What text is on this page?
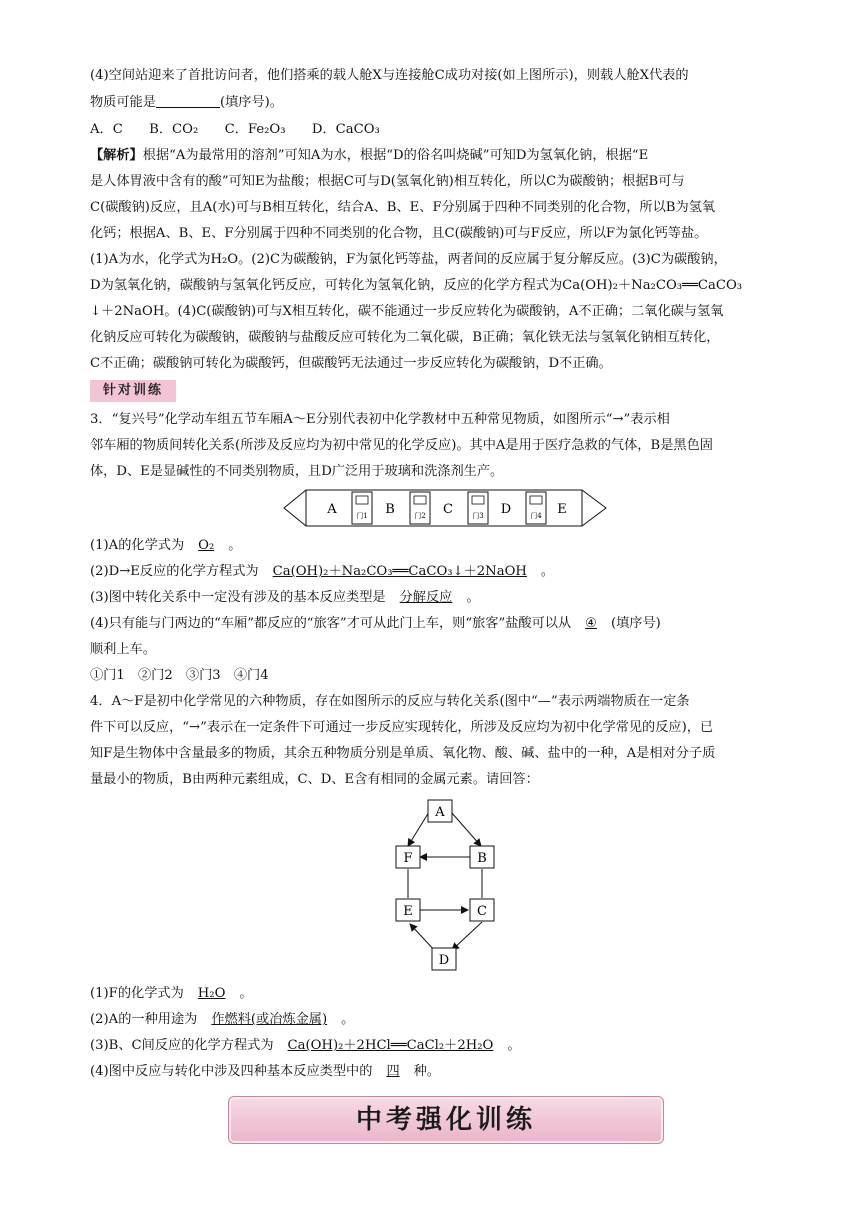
(4)空间站迎来了首批访问者，他们搭乘的载人舱X与连接舱C成功对接(如上图所示)，则载人舱X代表的
物质可能是	(填序号)。
A．C　　B．CO₂　　C．Fe₂O₃　　D．CaCO₃
【解析】根据“A为最常用的溶剂”可知A为水，根据“D的俗名叫烧碱”可知D为氢氧化钠，根据“E
是人体胃液中含有的酸”可知E为盐酸；根据C可与D(氢氧化钠)相互转化，所以C为碳酸钠；根据B可与
C(碳酸钠)反应，且A(水)可与B相互转化，结合A、B、E、F分别属于四种不同类别的化合物，所以B为氢氧
化钙；根据A、B、E、F分别属于四种不同类别的化合物，且C(碳酸钠)可与F反应，所以F为氯化钙等盐。
(1)A为水，化学式为H₂O。(2)C为碳酸钠，F为氯化钙等盐，两者间的反应属于复分解反应。(3)C为碳酸钠，
D为氢氧化钠，碳酸钠与氢氧化钙反应，可转化为氢氧化钠，反应的化学方程式为Ca(OH)₂＋Na₂CO₃══CaCO₃
↓＋2NaOH。(4)C(碳酸钠)可与X相互转化，碳不能通过一步反应转化为碳酸钠，A不正确；二氧化碳与氢氧
化钠反应可转化为碳酸钠，碳酸钠与盐酸反应可转化为二氧化碳，B正确；氧化铁无法与氢氧化钠相互转化，
C不正确；碳酸钠可转化为碳酸钙，但碳酸钙无法通过一步反应转化为碳酸钠，D不正确。
针对训练
3．“复兴号”化学动车组五节车厢A～E分别代表初中化学教材中五种常见物质，如图所示“→”表示相
邻车厢的物质间转化关系(所涉及反应均为初中常见的化学反应)。其中A是用于医疗急救的气体，B是黑色固
体，D、E是显碱性的不同类别物质，且D广泛用于玻璃和洗涤剂生产。
A	B	C	D	E
门1	门2	门3	门4
(1)A的化学式为 O₂ 。
(2)D→E反应的化学方程式为 Ca(OH)₂＋Na₂CO₃══CaCO₃↓＋2NaOH 。
(3)图中转化关系中一定没有涉及的基本反应类型是 分解反应 。
(4)只有能与门两边的“车厢”都反应的“旅客”才可从此门上车，则“旅客”盐酸可以从 ④ (填序号)
顺利上车。
①门1　②门2　③门3　④门4
4．A～F是初中化学常见的六种物质，存在如图所示的反应与转化关系(图中“—”表示两端物质在一定条
件下可以反应，“→”表示在一定条件下可通过一步反应实现转化，所涉及反应均为初中化学常见的反应)，已
知F是生物体中含量最多的物质，其余五种物质分别是单质、氧化物、酸、碱、盐中的一种，A是相对分子质
量最小的物质，B由两种元素组成，C、D、E含有相同的金属元素。请回答：
A
F	B
E	C
D
(1)F的化学式为 H₂O 。
(2)A的一种用途为 作燃料(或冶炼金属) 。
(3)B、C间反应的化学方程式为 Ca(OH)₂＋2HCl══CaCl₂＋2H₂O 。
(4)图中反应与转化中涉及四种基本反应类型中的 四 种。
中考强化训练
